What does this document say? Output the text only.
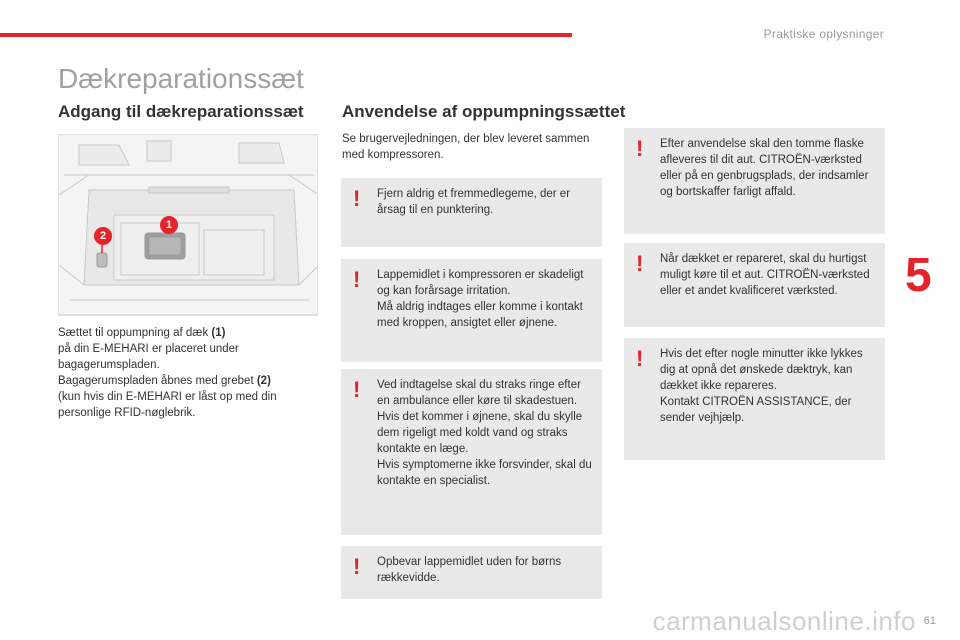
Praktiske oplysninger
Dækreparationssæt
Adgang til dækreparationssæt Anvendelse af oppumpningssættet
1
2
Sættet til oppumpning af dæk (1)
på din E-MEHARI er placeret under bagagerumspladen.
Bagagerumspladen åbnes med grebet (2)
(kun hvis din E-MEHARI er låst op med din personlige RFID-nøglebrik.

Se brugervejledningen, der blev leveret sammen med kompressoren.

! Fjern aldrig et fremmedlegeme, der er årsag til en punktering.
! Lappemidlet i kompressoren er skadeligt og kan forårsage irritation.
Må aldrig indtages eller komme i kontakt med kroppen, ansigtet eller øjnene.
! Ved indtagelse skal du straks ringe efter en ambulance eller køre til skadestuen.
Hvis det kommer i øjnene, skal du skylle dem rigeligt med koldt vand og straks kontakte en læge.
Hvis symptomerne ikke forsvinder, skal du kontakte en specialist.
! Opbevar lappemidlet uden for børns rækkevidde.
! Efter anvendelse skal den tomme flaske afleveres til dit aut. CITROËN-værksted eller på en genbrugsplads, der indsamler og bortskaffer farligt affald.
! Når dækket er repareret, skal du hurtigst muligt køre til et aut. CITROËN-værksted eller et andet kvalificeret værksted.
! Hvis det efter nogle minutter ikke lykkes dig at opnå det ønskede dæktryk, kan dækket ikke repareres.
Kontakt CITROËN ASSISTANCE, der sender vejhjælp.
5
carmanualsonline.info 61
